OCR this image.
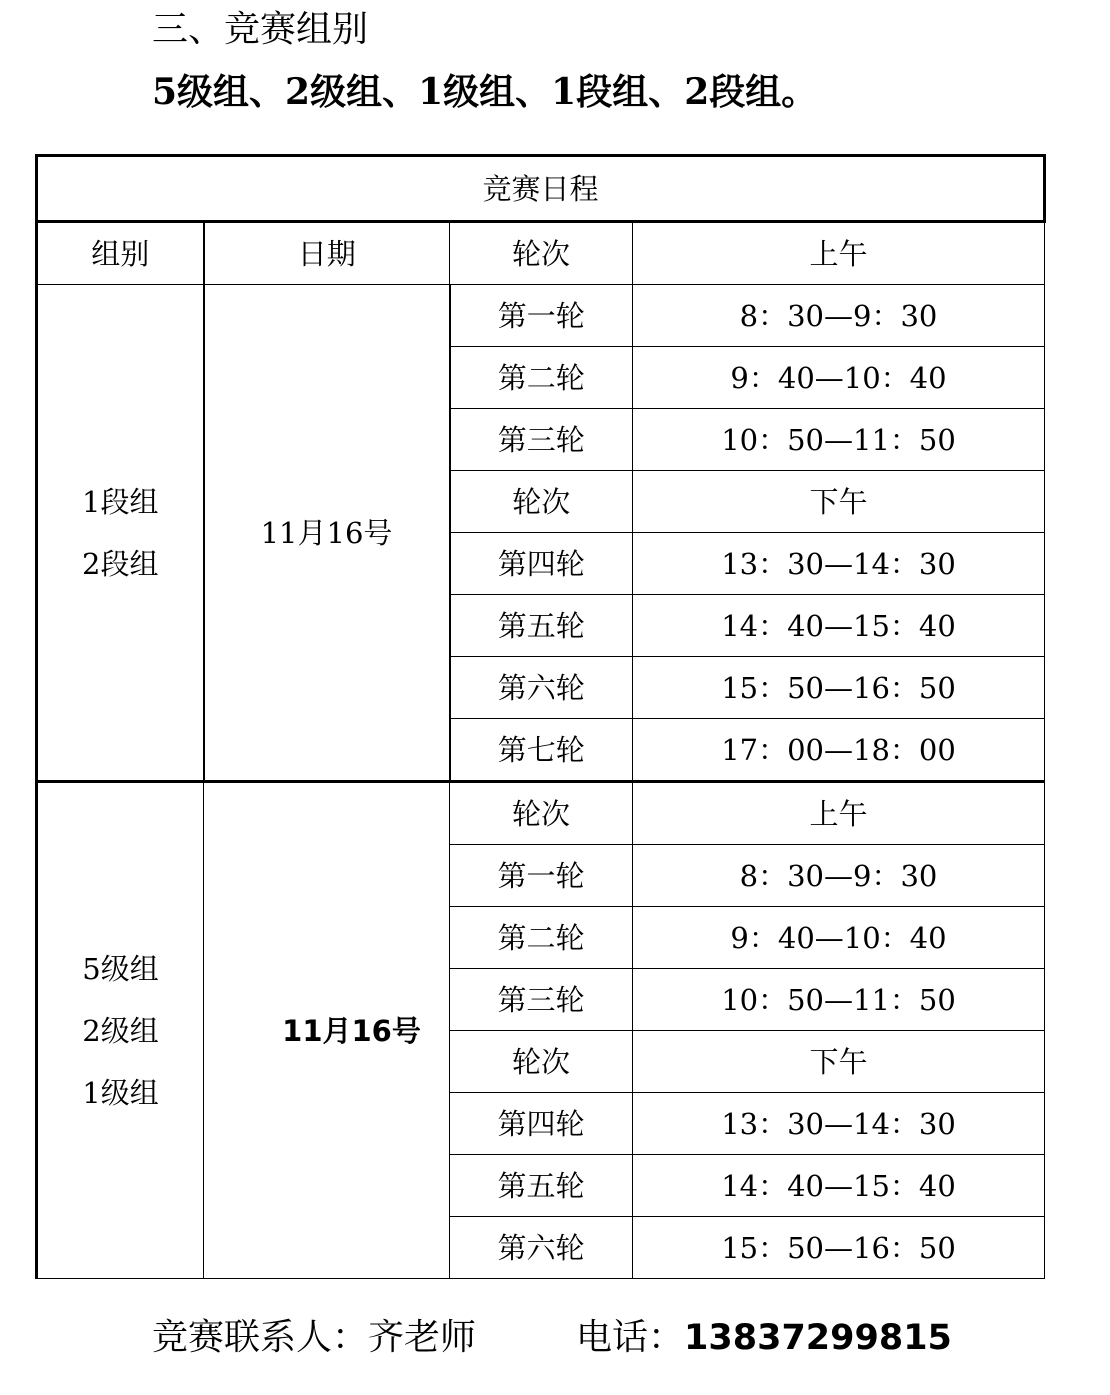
三、竞赛组别
5级组、2级组、1级组、1段组、2段组。
竞赛日程			
组别	日期	轮次	上午

1段组
2段组	11月16号	第一轮	8：30—9：30
		第二轮	9：40—10：40
		第三轮	10：50—11：50
		轮次	下午
		第四轮	13：30—14：30
		第五轮	14：40—15：40
		第六轮	15：50—16：50
		第七轮	17：00—18：00

5级组
2级组
1级组	11月16号	轮次	上午
		第一轮	8：30—9：30
		第二轮	9：40—10：40
		第三轮	10：50—11：50
		轮次	下午
		第四轮	13：30—14：30
		第五轮	14：40—15：40
		第六轮	15：50—16：50
竞赛联系人：齐老师	电话：13837299815
